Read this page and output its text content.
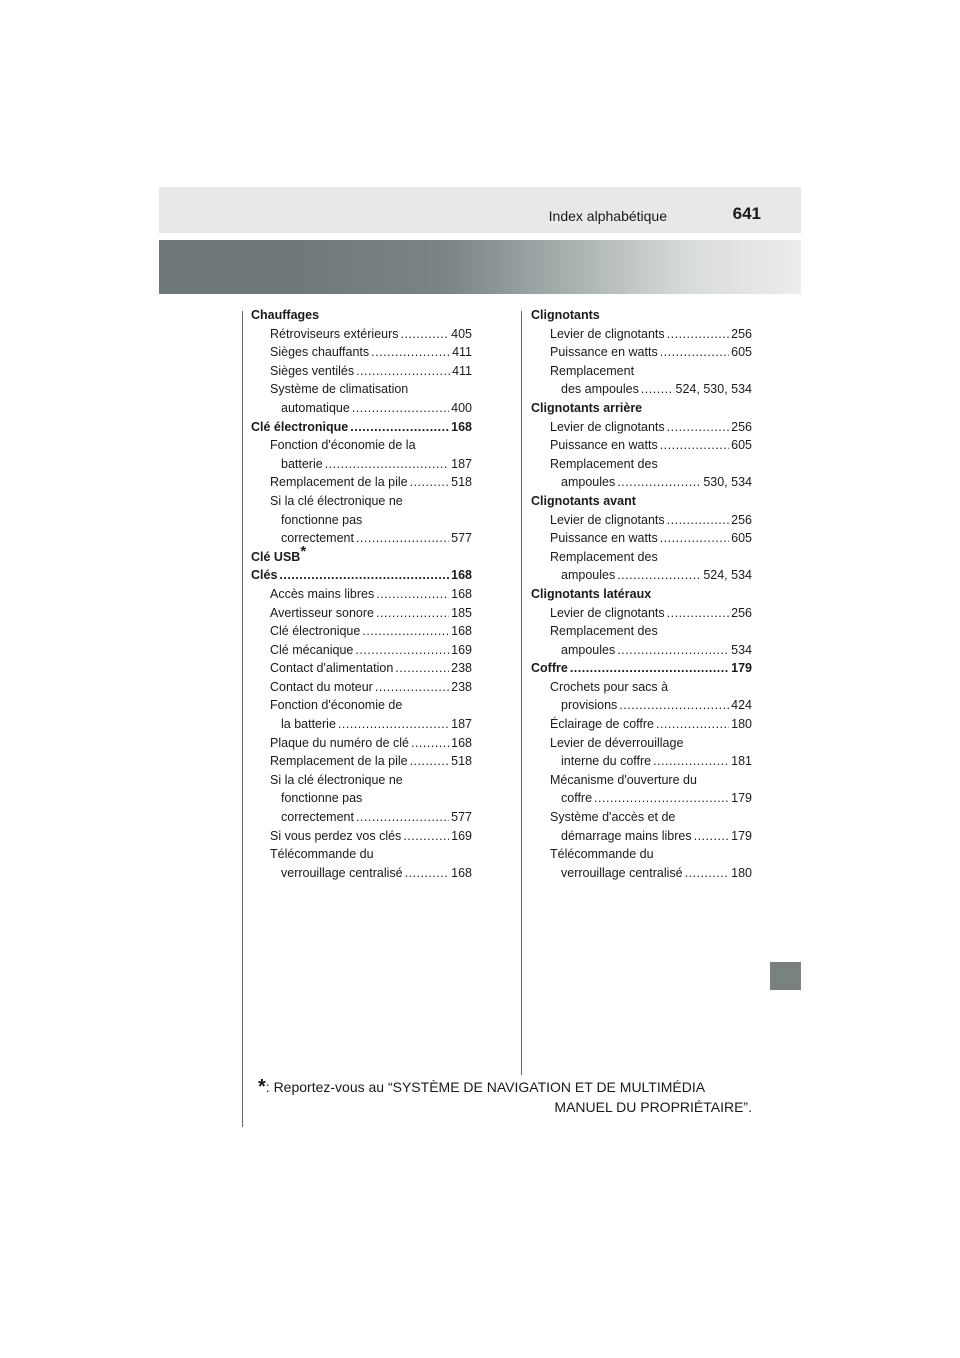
Index alphabétique	641
Chauffages
Rétroviseurs extérieurs .....	405
Sièges chauffants .....	411
Sièges ventilés .....	411
Système de climatisation
automatique .....	400
Clé électronique .....	168
Fonction d'économie de la
batterie .....	187
Remplacement de la pile .....	518
Si la clé électronique ne
fonctionne pas
correctement .....	577
Clé USB*
Clés .....	168
Accès mains libres .....	168
Avertisseur sonore .....	185
Clé électronique .....	168
Clé mécanique .....	169
Contact d'alimentation .....	238
Contact du moteur .....	238
Fonction d'économie de
la batterie .....	187
Plaque du numéro de clé .....	168
Remplacement de la pile .....	518
Si la clé électronique ne
fonctionne pas
correctement .....	577
Si vous perdez vos clés .....	169
Télécommande du
verrouillage centralisé .....	168
Clignotants
Levier de clignotants .....	256
Puissance en watts .....	605
Remplacement
des ampoules .....	524, 530, 534
Clignotants arrière
Levier de clignotants .....	256
Puissance en watts .....	605
Remplacement des
ampoules .....	530, 534
Clignotants avant
Levier de clignotants .....	256
Puissance en watts .....	605
Remplacement des
ampoules .....	524, 534
Clignotants latéraux
Levier de clignotants .....	256
Remplacement des
ampoules .....	534
Coffre .....	179
Crochets pour sacs à
provisions .....	424
Éclairage de coffre .....	180
Levier de déverrouillage
interne du coffre .....	181
Mécanisme d'ouverture du
coffre .....	179
Système d'accès et de
démarrage mains libres .....	179
Télécommande du
verrouillage centralisé .....	180
*: Reportez-vous au “SYSTÈME DE NAVIGATION ET DE MULTIMÉDIA
MANUEL DU PROPRIÉTAIRE”.
